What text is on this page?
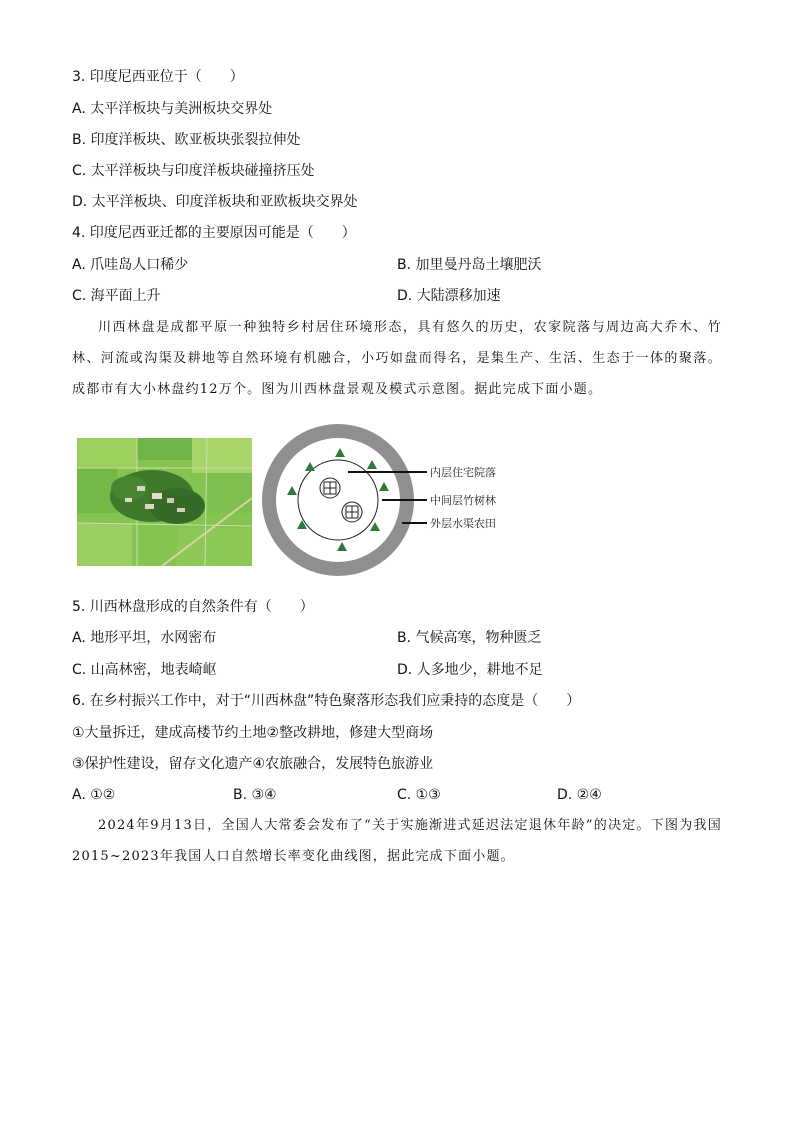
3. 印度尼西亚位于（　　）
A. 太平洋板块与美洲板块交界处
B. 印度洋板块、欧亚板块张裂拉伸处
C. 太平洋板块与印度洋板块碰撞挤压处
D. 太平洋板块、印度洋板块和亚欧板块交界处
4. 印度尼西亚迁都的主要原因可能是（　　）
A. 爪哇岛人口稀少	B. 加里曼丹岛土壤肥沃
C. 海平面上升	D. 大陆漂移加速
川西林盘是成都平原一种独特乡村居住环境形态，具有悠久的历史，农家院落与周边高大乔木、竹林、河流或沟渠及耕地等自然环境有机融合，小巧如盘而得名，是集生产、生活、生态于一体的聚落。成都市有大小林盘约12万个。图为川西林盘景观及模式示意图。据此完成下面小题。
内层住宅院落
中间层竹树林
外层水渠农田
5. 川西林盘形成的自然条件有（　　）
A. 地形平坦，水网密布	B. 气候高寒，物种匮乏
C. 山高林密，地表崎岖	D. 人多地少，耕地不足
6. 在乡村振兴工作中，对于“川西林盘”特色聚落形态我们应秉持的态度是（　　）
①大量拆迁，建成高楼节约土地②整改耕地，修建大型商场
③保护性建设，留存文化遗产④农旅融合，发展特色旅游业
A. ①②	B. ③④	C. ①③	D. ②④
2024年9月13日，全国人大常委会发布了“关于实施渐进式延迟法定退休年龄”的决定。下图为我国2015~2023年我国人口自然增长率变化曲线图，据此完成下面小题。
